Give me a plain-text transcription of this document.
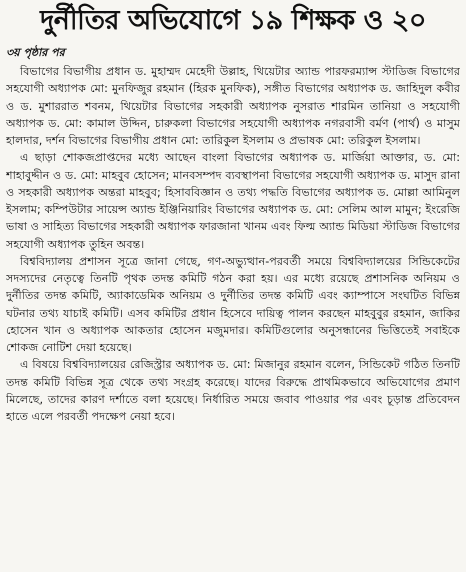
দুর্নীতির অভিযোগে ১৯ শিক্ষক ও ২০
৩য় পৃষ্ঠার পর

বিভাগের বিভাগীয় প্রধান ড. মুহাম্মদ মেহেদী উল্লাহ, থিয়েটার অ্যান্ড পারফরম্যান্স স্টাডিজ বিভাগের সহযোগী অধ্যাপক মো: মুনফিজুর রহমান (হিরক মুনফিক), সঙ্গীত বিভাগের অধ্যাপক ড. জাহিদুল কবীর ও ড. মুশাররাত শবনম, থিয়েটার বিভাগের সহকারী অধ্যাপক নুসরাত শারমিন তানিয়া ও সহযোগী অধ্যাপক ড. মো: কামাল উদ্দিন, চারুকলা বিভাগের সহযোগী অধ্যাপক নগরবাসী বর্মণ (পার্থ) ও মাসুম হালদার, দর্শন বিভাগের বিভাগীয় প্রধান মো: তারিকুল ইসলাম ও প্রভাষক মো: তরিকুল ইসলাম।

এ ছাড়া শোকজপ্রাপ্তদের মধ্যে আছেন বাংলা বিভাগের অধ্যাপক ড. মার্জিয়া আক্তার, ড. মো: শাহাবুদ্দীন ও ড. মো: মাহবুব হোসেন; মানবসম্পদ ব্যবস্থাপনা বিভাগের সহযোগী অধ্যাপক ড. মাসুদ রানা ও সহকারী অধ্যাপক অন্তরা মাহবুব; হিসাববিজ্ঞান ও তথ্য পদ্ধতি বিভাগের অধ্যাপক ড. মোল্লা আমিনুল ইসলাম; কম্পিউটার সায়েন্স অ্যান্ড ইঞ্জিনিয়ারিং বিভাগের অধ্যাপক ড. মো: সেলিম আল মামুন; ইংরেজি ভাষা ও সাহিত্য বিভাগের সহকারী অধ্যাপক ফারজানা খানম এবং ফিল্ম অ্যান্ড মিডিয়া স্টাডিজ বিভাগের সহযোগী অধ্যাপক তুহিন অবন্ত।

বিশ্ববিদ্যালয় প্রশাসন সূত্রে জানা গেছে, গণ-অভ্যুত্থান-পরবর্তী সময়ে বিশ্ববিদ্যালয়ের সিন্ডিকেটের সদস্যদের নেতৃত্বে তিনটি পৃথক তদন্ত কমিটি গঠন করা হয়। এর মধ্যে রয়েছে প্রশাসনিক অনিয়ম ও দুর্নীতির তদন্ত কমিটি, অ্যাকাডেমিক অনিয়ম ও দুর্নীতির তদন্ত কমিটি এবং ক্যাম্পাসে সংঘটিত বিভিন্ন ঘটনার তথ্য যাচাই কমিটি। এসব কমিটির প্রধান হিসেবে দায়িত্ব পালন করছেন মাহবুবুর রহমান, জাকির হোসেন খান ও অধ্যাপক আকতার হোসেন মজুমদার। কমিটিগুলোর অনুসন্ধানের ভিত্তিতেই সবাইকে শোকজ নোটিশ দেয়া হয়েছে।

এ বিষয়ে বিশ্ববিদ্যালয়ের রেজিস্ট্রার অধ্যাপক ড. মো: মিজানুর রহমান বলেন, সিন্ডিকেট গঠিত তিনটি তদন্ত কমিটি বিভিন্ন সূত্র থেকে তথ্য সংগ্রহ করেছে। যাদের বিরুদ্ধে প্রাথমিকভাবে অভিযোগের প্রমাণ মিলেছে, তাদের কারণ দর্শাতে বলা হয়েছে। নির্ধারিত সময়ে জবাব পাওয়ার পর এবং চূড়ান্ত প্রতিবেদন হাতে এলে পরবর্তী পদক্ষেপ নেয়া হবে।
